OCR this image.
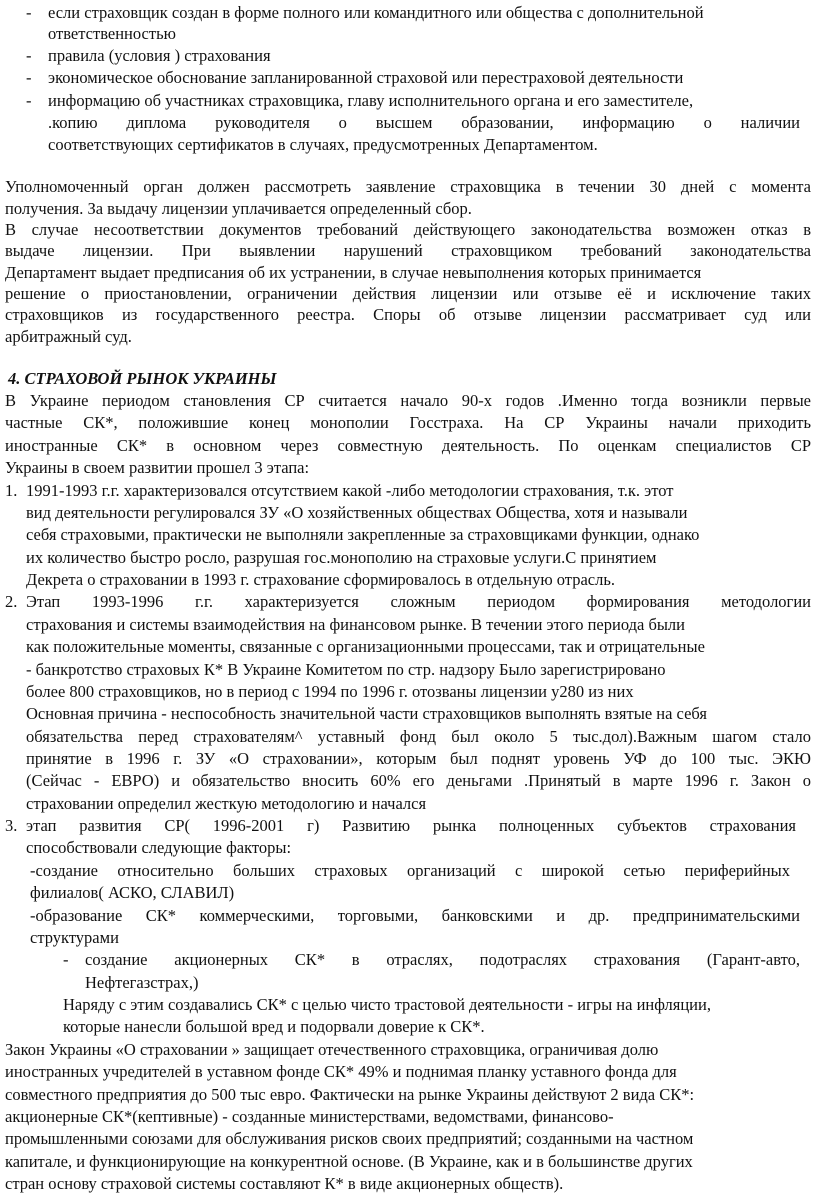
- если страховщик создан в форме полного или командитного или общества с дополнительной
ответственностью
- правила (условия ) страхования
- экономическое обоснование запланированной страховой или перестраховой деятельности
- информацию об участниках страховщика, главу исполнительного органа и его заместителе,
.копию диплома руководителя о высшем образовании, информацию о наличии
соответствующих сертификатов в случаях, предусмотренных Департаментом.
Уполномоченный орган должен рассмотреть заявление страховщика в течении 30 дней с момента
получения. За выдачу лицензии уплачивается определенный сбор.
В случае несоответствии документов требований действующего законодательства возможен отказ в
выдаче лицензии. При выявлении нарушений страховщиком требований законодательства
Департамент выдает предписания об их устранении, в случае невыполнения которых принимается
решение о приостановлении, ограничении действия лицензии или отзыве её и исключение таких
страховщиков из государственного реестра. Споры об отзыве лицензии рассматривает суд или
арбитражный суд.
4. СТРАХОВОЙ РЫНОК УКРАИНЫ
В Украине периодом становления СР считается начало 90-х годов .Именно тогда возникли первые
частные СК*, положившие конец монополии Госстраха. На СР Украины начали приходить
иностранные СК* в основном через совместную деятельность. По оценкам специалистов СР
Украины в своем развитии прошел 3 этапа:
1. 1991-1993 г.г. характеризовался отсутствием какой -либо методологии страхования, т.к. этот
вид деятельности регулировался ЗУ «О хозяйственных обществах Общества, хотя и называли
себя страховыми, практически не выполняли закрепленные за страховщиками функции, однако
их количество быстро росло, разрушая гос.монополию на страховые услуги.С принятием
Декрета о страховании в 1993 г. страхование сформировалось в отдельную отрасль.
2. Этап 1993-1996 г.г. характеризуется сложным периодом формирования методологии
страхования и системы взаимодействия на финансовом рынке. В течении этого периода были
как положительные моменты, связанные с организационными процессами, так и отрицательные
- банкротство страховых К* В Украине Комитетом по стр. надзору Было зарегистрировано
более 800 страховщиков, но в период с 1994 по 1996 г. отозваны лицензии у280 из них
Основная причина - неспособность значительной части страховщиков выполнять взятые на себя
обязательства перед страхователям^ уставный фонд был около 5 тыс.дол).Важным шагом стало
принятие в 1996 г. ЗУ «О страховании», которым был поднят уровень УФ до 100 тыс. ЭКЮ
(Сейчас - ЕВРО) и обязательство вносить 60% его деньгами .Принятый в марте 1996 г. Закон о
страховании определил жесткую методологию и начался
3. этап развития СР( 1996-2001 г) Развитию рынка полноценных субъектов страхования
способствовали следующие факторы:
-создание относительно больших страховых организаций с широкой сетью периферийных
филиалов( АСКО, СЛАВИЛ)
-образование СК* коммерческими, торговыми, банковскими и др. предпринимательскими
структурами
- создание акционерных СК* в отраслях, подотраслях страхования (Гарант-авто,
Нефтегазстрах,)
Наряду с этим создавались СК* с целью чисто трастовой деятельности - игры на инфляции,
которые нанесли большой вред и подорвали доверие к СК*.
Закон Украины «О страховании » защищает отечественного страховщика, ограничивая долю
иностранных учредителей в уставном фонде СК* 49% и поднимая планку уставного фонда для
совместного предприятия до 500 тыс евро. Фактически на рынке Украины действуют 2 вида СК*:
акционерные СК*(кептивные) - созданные министерствами, ведомствами, финансово-
промышленными союзами для обслуживания рисков своих предприятий; созданными на частном
капитале, и функционирующие на конкурентной основе. (В Украине, как и в большинстве других
стран основу страховой системы составляют К* в виде акционерных обществ).
